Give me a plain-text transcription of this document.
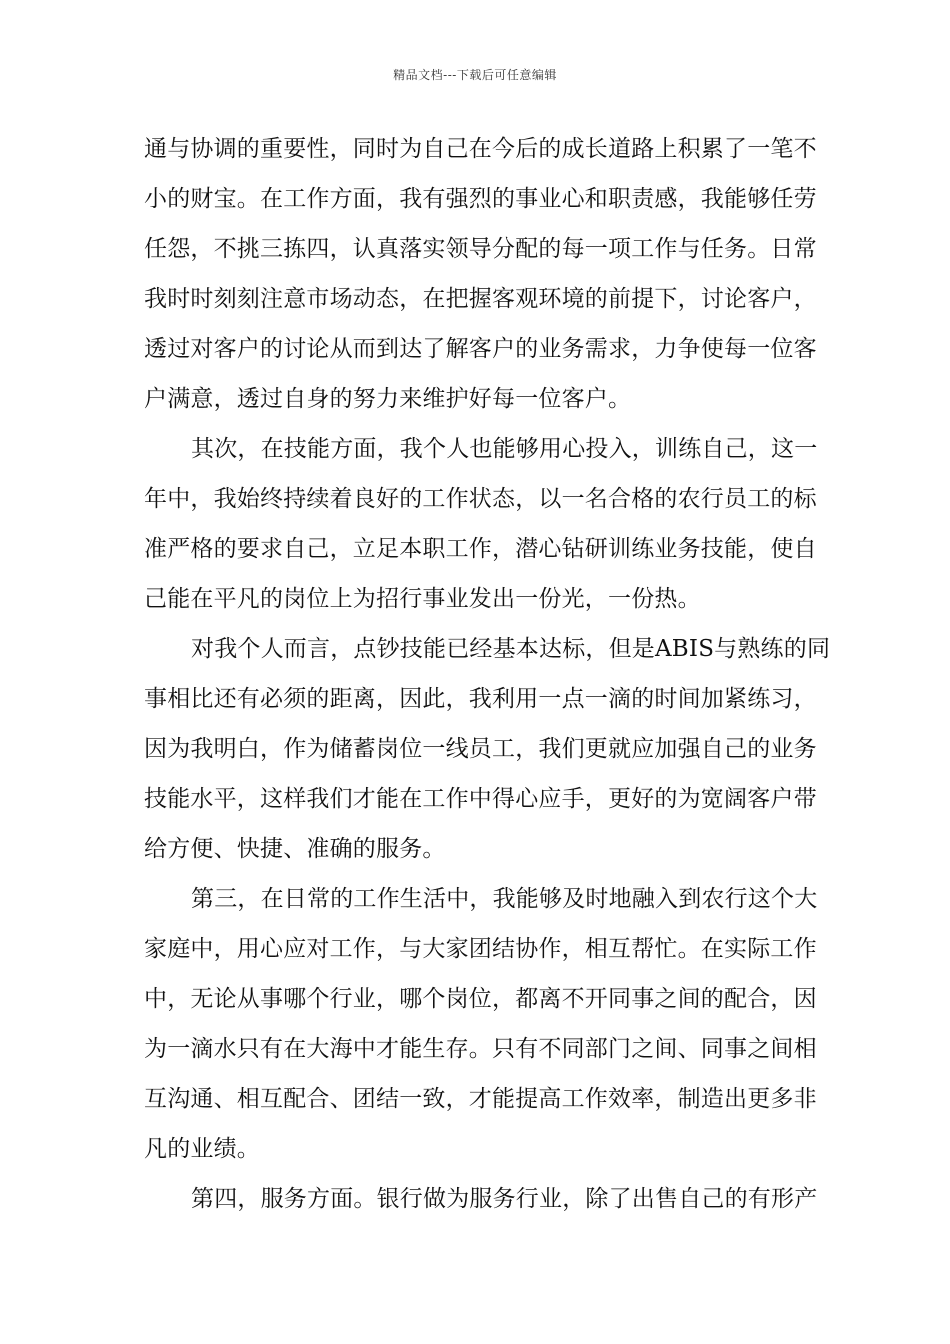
精品文档---下载后可任意编辑
通与协调的重要性，同时为自己在今后的成长道路上积累了一笔不
小的财宝。在工作方面，我有强烈的事业心和职责感，我能够任劳
任怨，不挑三拣四，认真落实领导分配的每一项工作与任务。日常
我时时刻刻注意市场动态，在把握客观环境的前提下，讨论客户，
透过对客户的讨论从而到达了解客户的业务需求，力争使每一位客
户满意，透过自身的努力来维护好每一位客户。
其次，在技能方面，我个人也能够用心投入，训练自己，这一
年中，我始终持续着良好的工作状态，以一名合格的农行员工的标
准严格的要求自己，立足本职工作，潜心钻研训练业务技能，使自
己能在平凡的岗位上为招行事业发出一份光，一份热。
对我个人而言，点钞技能已经基本达标，但是ABIS与熟练的同
事相比还有必须的距离，因此，我利用一点一滴的时间加紧练习，
因为我明白，作为储蓄岗位一线员工，我们更就应加强自己的业务
技能水平，这样我们才能在工作中得心应手，更好的为宽阔客户带
给方便、快捷、准确的服务。
第三，在日常的工作生活中，我能够及时地融入到农行这个大
家庭中，用心应对工作，与大家团结协作，相互帮忙。在实际工作
中，无论从事哪个行业，哪个岗位，都离不开同事之间的配合，因
为一滴水只有在大海中才能生存。只有不同部门之间、同事之间相
互沟通、相互配合、团结一致，才能提高工作效率，制造出更多非
凡的业绩。
第四，服务方面。银行做为服务行业，除了出售自己的有形产
